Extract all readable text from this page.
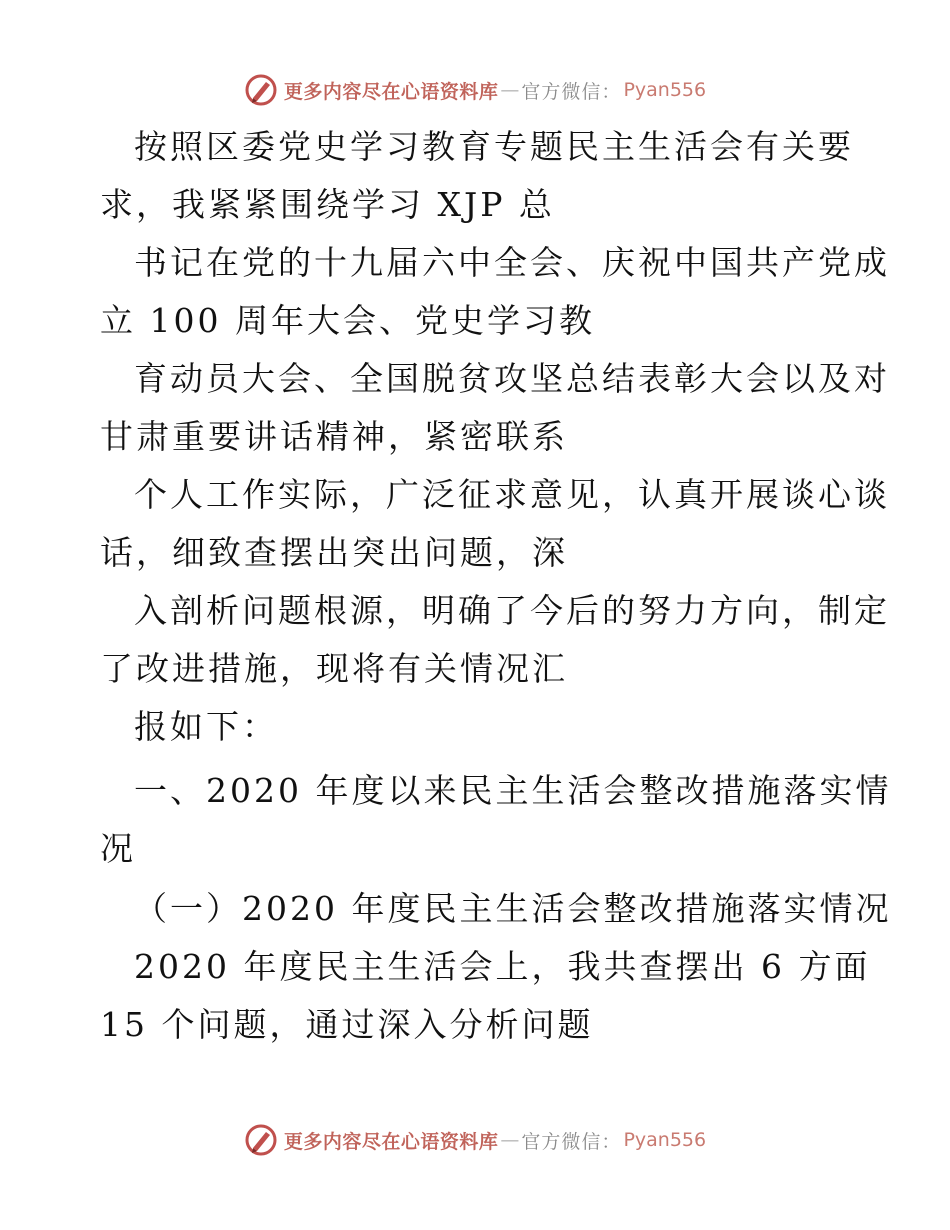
更多内容尽在心语资料库 — 官方微信： Pyan556
按照区委党史学习教育专题民主生活会有关要
求，我紧紧围绕学习 XJP 总
书记在党的十九届六中全会、庆祝中国共产党成
立 100 周年大会、党史学习教
育动员大会、全国脱贫攻坚总结表彰大会以及对
甘肃重要讲话精神，紧密联系
个人工作实际，广泛征求意见，认真开展谈心谈
话，细致查摆出突出问题，深
入剖析问题根源，明确了今后的努力方向，制定
了改进措施，现将有关情况汇
报如下：
一、2020 年度以来民主生活会整改措施落实情
况
（一）2020 年度民主生活会整改措施落实情况
2020 年度民主生活会上，我共查摆出 6 方面
15 个问题，通过深入分析问题
更多内容尽在心语资料库 — 官方微信： Pyan556
